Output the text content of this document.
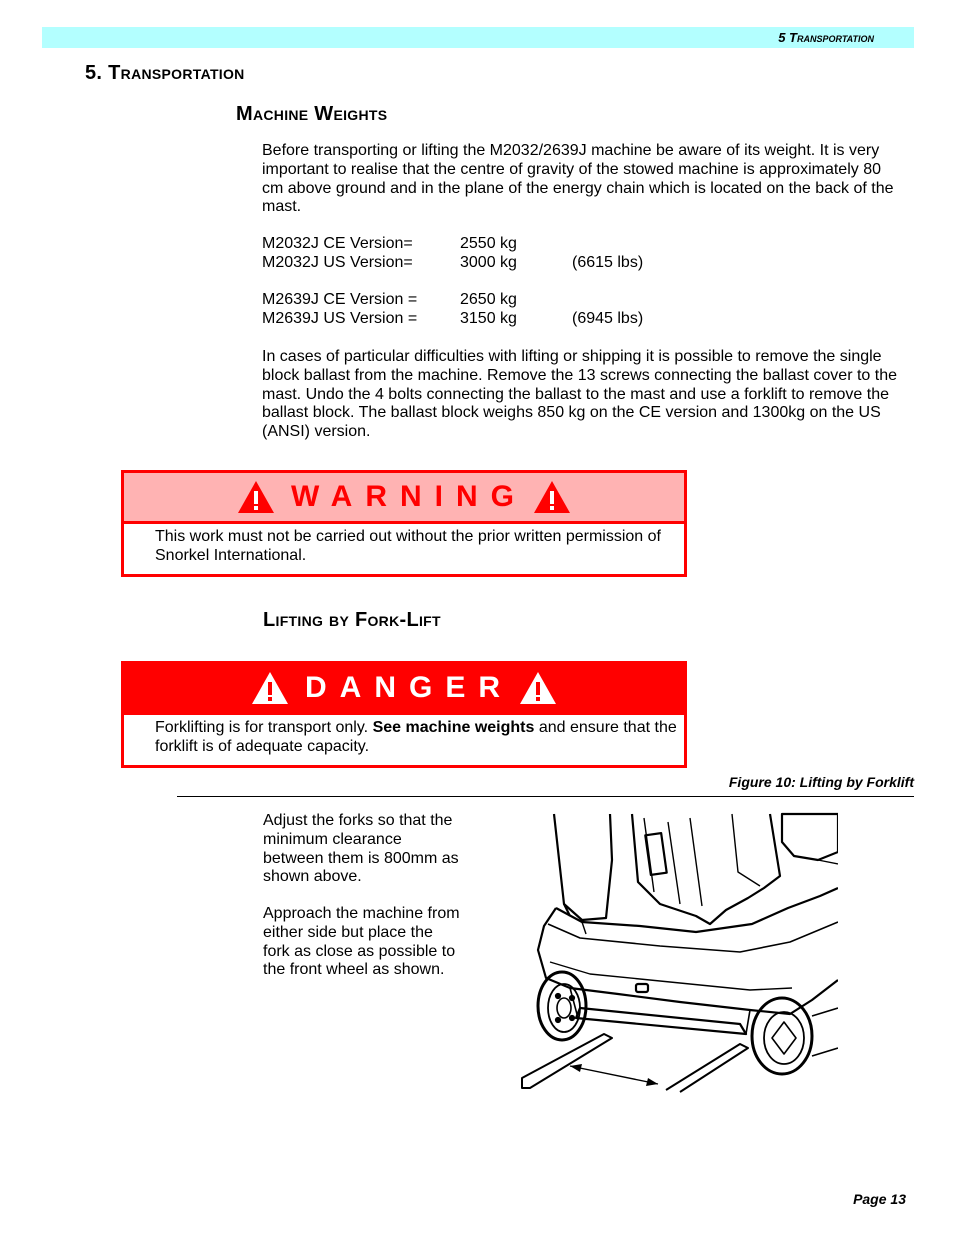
5 Transportation
5. Transportation
Machine Weights
Before transporting or lifting the M2032/2639J machine be aware of its weight. It is very important to realise that the centre of gravity of the stowed machine is approximately 80 cm above ground and in the plane of the energy chain which is located on the back of the mast.
M2032J CE Version=	2550 kg
M2032J US Version=	3000 kg	(6615 lbs)
M2639J CE Version =	2650 kg
M2639J US Version =	3150 kg	(6945 lbs)
In cases of particular difficulties with lifting or shipping it is possible to remove the single block ballast from the machine. Remove the 13 screws connecting the ballast cover to the mast. Undo the 4 bolts connecting the ballast to the mast and use a forklift to remove the ballast block. The ballast block weighs 850 kg on the CE version and 1300kg on the US (ANSI) version.
WARNING
This work must not be carried out without the prior written permission of Snorkel International.
Lifting by Fork-Lift
DANGER
Forklifting is for transport only. See machine weights and ensure that the forklift is of adequate capacity.
Figure 10: Lifting by Forklift
Adjust the forks so that the minimum clearance between them is 800mm as shown above.
Approach the machine from either side but place the fork as close as possible to the front wheel as shown.
Page 13
